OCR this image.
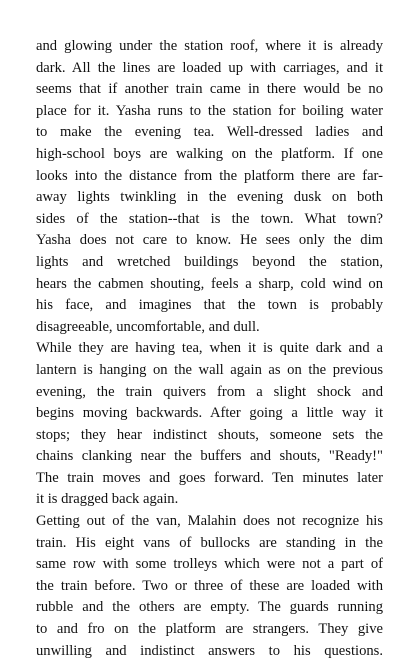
and glowing under the station roof, where it is already
dark. All the lines are loaded up with carriages, and it
seems that if another train came in there would be no
place for it. Yasha runs to the station for boiling water
to make the evening tea. Well-dressed ladies and
high-school boys are walking on the platform. If one
looks into the distance from the platform there are far-
away lights twinkling in the evening dusk on both
sides of the station--that is the town. What town?
Yasha does not care to know. He sees only the dim
lights and wretched buildings beyond the station,
hears the cabmen shouting, feels a sharp, cold wind on
his face, and imagines that the town is probably
disagreeable, uncomfortable, and dull.

While they are having tea, when it is quite dark and a
lantern is hanging on the wall again as on the previous
evening, the train quivers from a slight shock and
begins moving backwards. After going a little way it
stops; they hear indistinct shouts, someone sets the
chains clanking near the buffers and shouts, "Ready!"
The train moves and goes forward. Ten minutes later
it is dragged back again.

Getting out of the van, Malahin does not recognize his
train. His eight vans of bullocks are standing in the
same row with some trolleys which were not a part of
the train before. Two or three of these are loaded with
rubble and the others are empty. The guards running
to and fro on the platform are strangers. They give
unwilling and indistinct answers to his questions.
